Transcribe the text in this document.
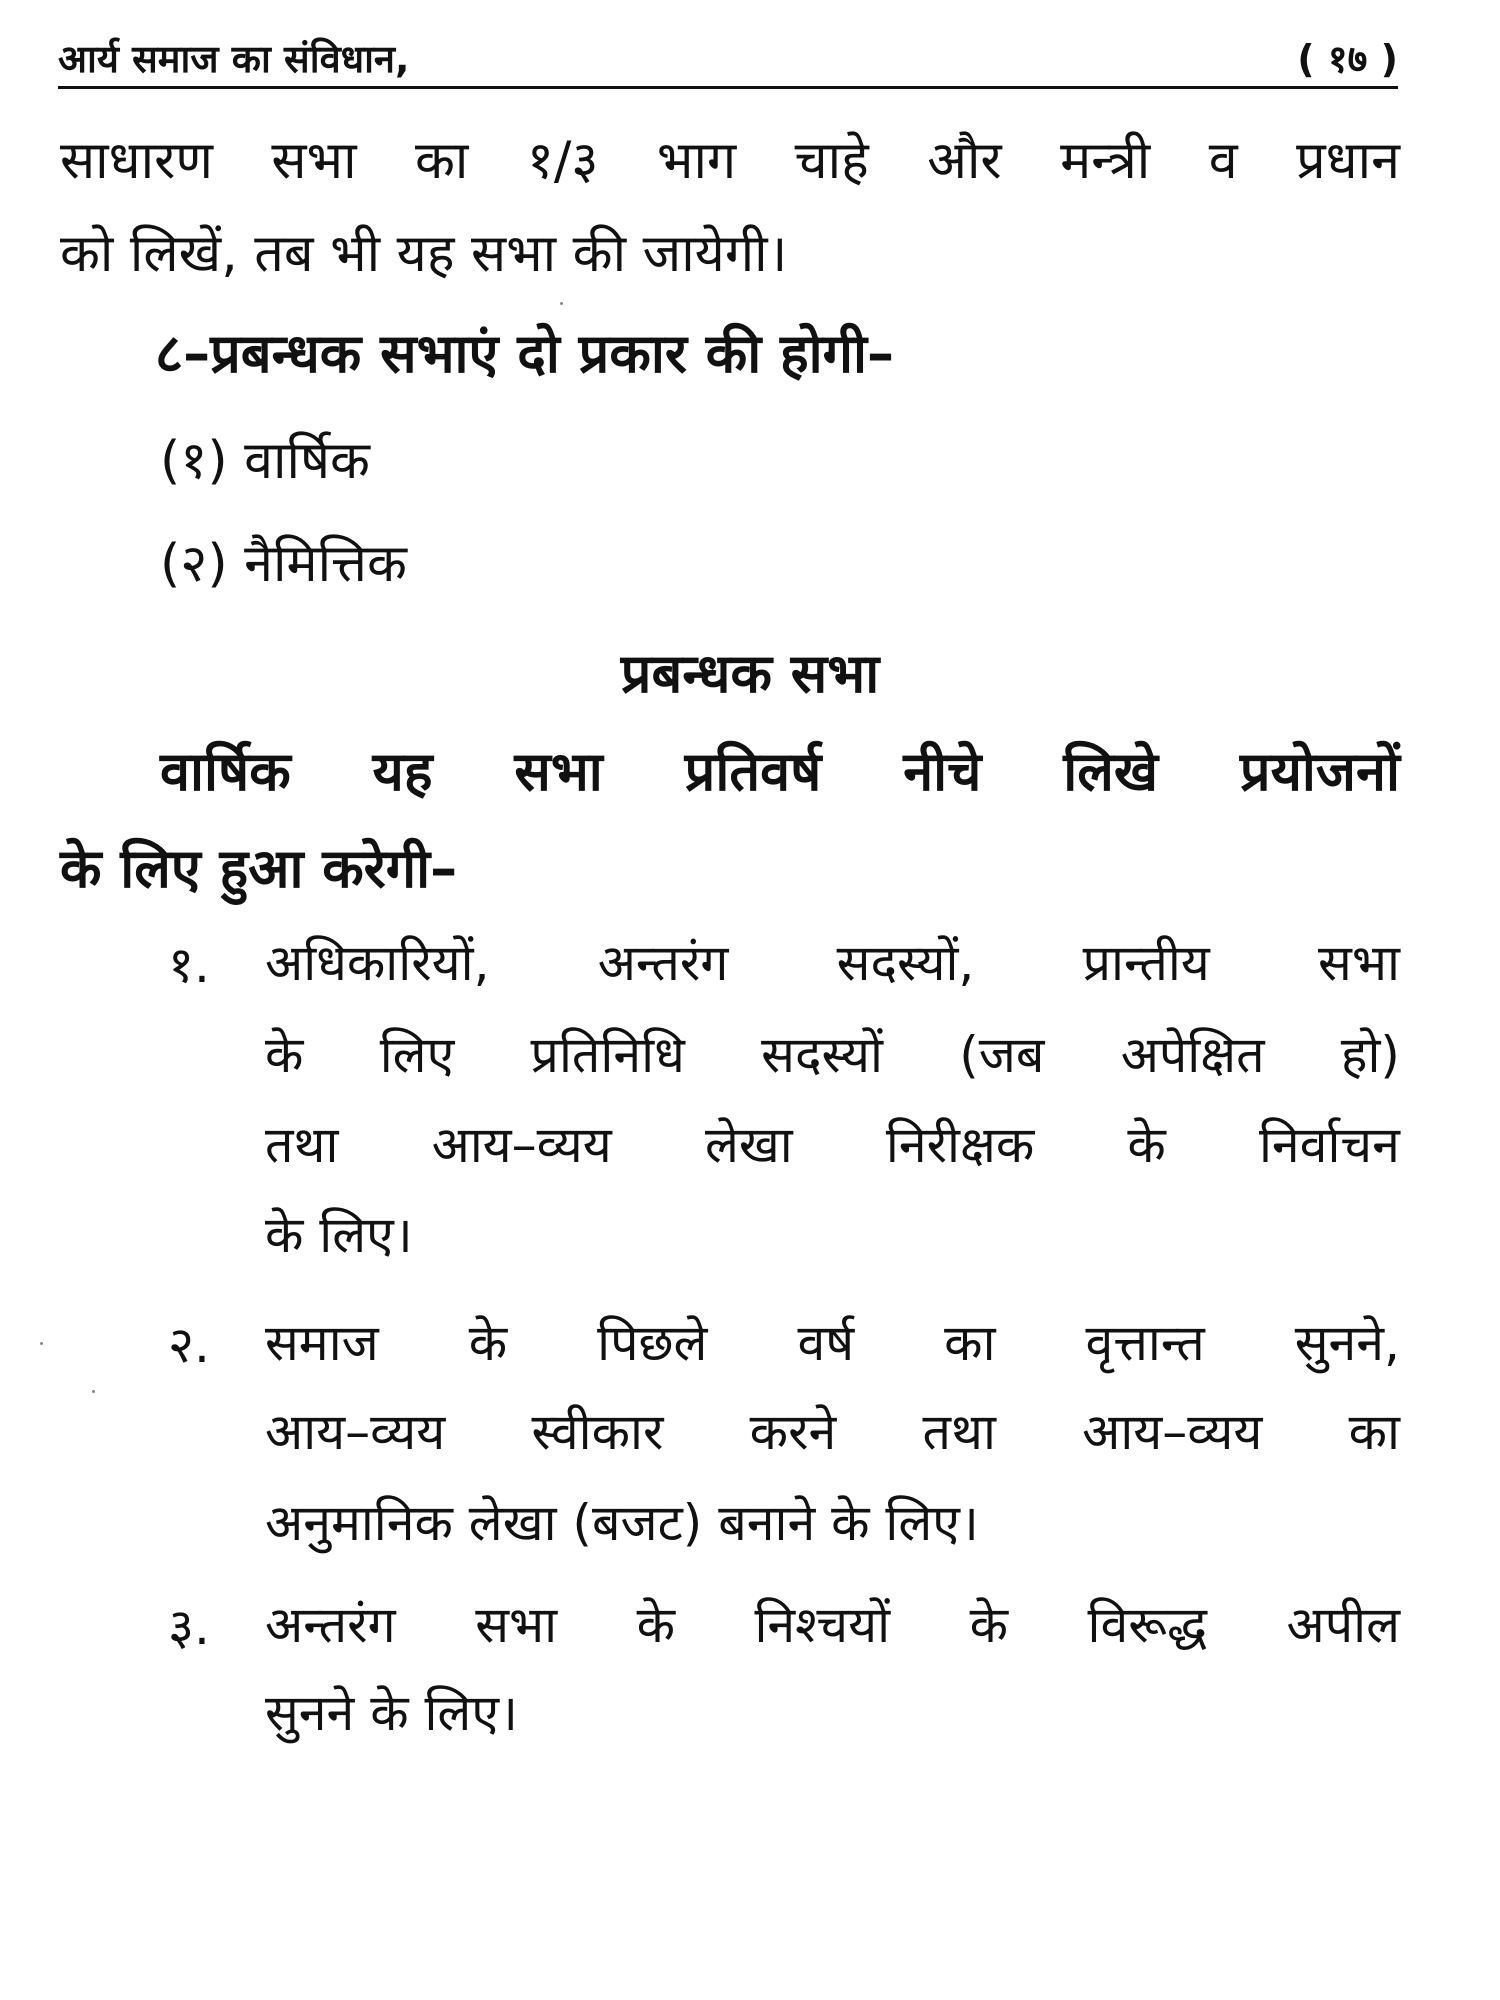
आर्य समाज का संविधान,	( १७ )
साधारण सभा का १/३ भाग चाहे और मन्त्री व प्रधान
को लिखें, तब भी यह सभा की जायेगी।
८–प्रबन्धक सभाएं दो प्रकार की होगी–
(१) वार्षिक
(२) नैमित्तिक
प्रबन्धक सभा
वार्षिक यह सभा प्रतिवर्ष नीचे लिखे प्रयोजनों
के लिए हुआ करेगी–
१. अधिकारियों, अन्तरंग सदस्यों, प्रान्तीय सभा
के लिए प्रतिनिधि सदस्यों (जब अपेक्षित हो)
तथा आय–व्यय लेखा निरीक्षक के निर्वाचन
के लिए।
२. समाज के पिछले वर्ष का वृत्तान्त सुनने,
आय–व्यय स्वीकार करने तथा आय–व्यय का
अनुमानिक लेखा (बजट) बनाने के लिए।
३. अन्तरंग सभा के निश्चयों के विरूद्ध अपील
सुनने के लिए।
